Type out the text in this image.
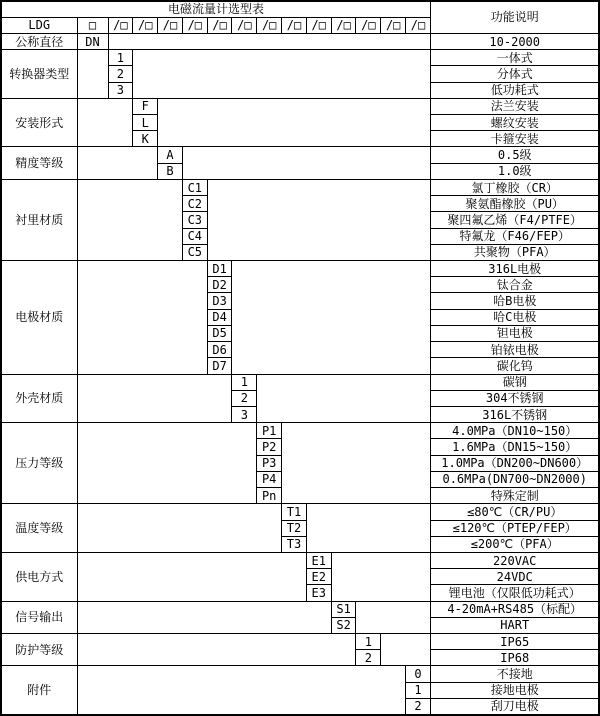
电磁流量计选型表															功能说明
LDG	□	/□	/□	/□	/□	/□	/□	/□	/□	/□	/□	/□	/□	/□	
公称直径	DN														10-2000
转换器类型		1													一体式
		2													分体式
		3													低功耗式
安装形式			F												法兰安装
			L												螺纹安装
			K												卡箍安装
精度等级				A											0.5级
				B											1.0级
衬里材质					C1										氯丁橡胶（CR）
					C2										聚氨酯橡胶（PU）
					C3										聚四氟乙烯（F4/PTFE）
					C4										特氟龙（F46/FEP）
					C5										共聚物（PFA）
电极材质						D1									316L电极
						D2									钛合金
						D3									哈B电极
						D4									哈C电极
						D5									钽电极
						D6									铂铱电极
						D7									碳化钨
外壳材质							1								碳钢
							2								304不锈钢
							3								316L不锈钢
压力等级								P1							4.0MPa（DN10~150）
								P2							1.6MPa（DN15~150）
								P3							1.0MPa（DN200~DN600）
								P4							0.6MPa(DN700~DN2000)
								Pn							特殊定制
温度等级									T1						≤80℃（CR/PU）
									T2						≤120℃（PTEP/FEP）
									T3						≤200℃（PFA）
供电方式										E1					220VAC
										E2					24VDC
										E3					锂电池（仅限低功耗式）
信号输出											S1				4-20mA+RS485（标配）
											S2				HART
防护等级												1			IP65
												2			IP68
附件														0	不接地
														1	接地电极
														2	刮刀电极
